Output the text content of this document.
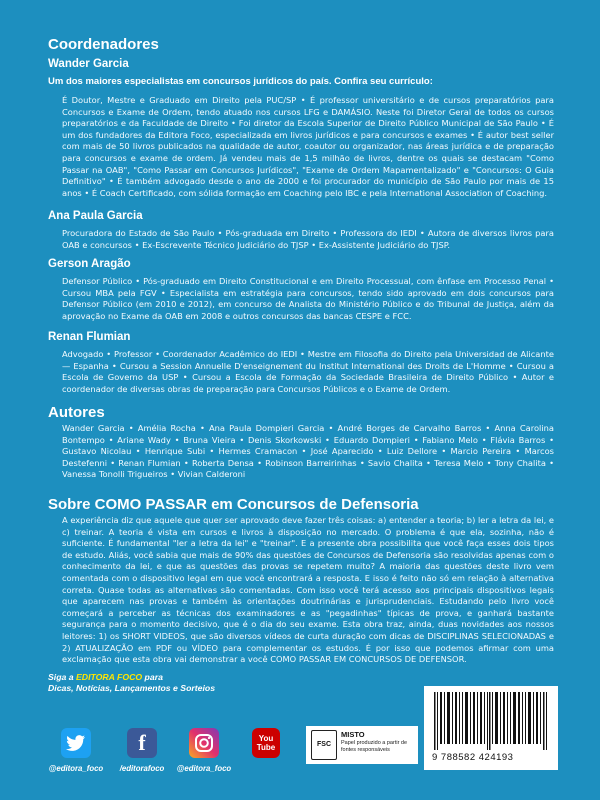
Coordenadores
Wander Garcia
Um dos maiores especialistas em concursos jurídicos do país. Confira seu currículo:
É Doutor, Mestre e Graduado em Direito pela PUC/SP • É professor universitário e de cursos preparatórios para Concursos e Exame de Ordem, tendo atuado nos cursos LFG e DAMÁSIO. Neste foi Diretor Geral de todos os cursos preparatórios e da Faculdade de Direito • Foi diretor da Escola Superior de Direito Público Municipal de São Paulo • É um dos fundadores da Editora Foco, especializada em livros jurídicos e para concursos e exames • É autor best seller com mais de 50 livros publicados na qualidade de autor, coautor ou organizador, nas áreas jurídica e de preparação para concursos e exame de ordem. Já vendeu mais de 1,5 milhão de livros, dentre os quais se destacam "Como Passar na OAB", "Como Passar em Concursos Jurídicos", "Exame de Ordem Mapamentalizado" e "Concursos: O Guia Definitivo" • É também advogado desde o ano de 2000 e foi procurador do município de São Paulo por mais de 15 anos • É Coach Certificado, com sólida formação em Coaching pelo IBC e pela International Association of Coaching.
Ana Paula Garcia
Procuradora do Estado de São Paulo • Pós-graduada em Direito • Professora do IEDI • Autora de diversos livros para OAB e concursos • Ex-Escrevente Técnico Judiciário do TJSP • Ex-Assistente Judiciário do TJSP.
Gerson Aragão
Defensor Público • Pós-graduado em Direito Constitucional e em Direito Processual, com ênfase em Processo Penal • Cursou MBA pela FGV • Especialista em estratégia para concursos, tendo sido aprovado em dois concursos para Defensor Público (em 2010 e 2012), em concurso de Analista do Ministério Público e do Tribunal de Justiça, além da aprovação no Exame da OAB em 2008 e outros concursos das bancas CESPE e FCC.
Renan Flumian
Advogado • Professor • Coordenador Acadêmico do IEDI • Mestre em Filosofia do Direito pela Universidad de Alicante — Espanha • Cursou a Session Annuelle D'enseignement du Institut International des Droits de L'Homme • Cursou a Escola de Governo da USP • Cursou a Escola de Formação da Sociedade Brasileira de Direito Público • Autor e coordenador de diversas obras de preparação para Concursos Públicos e o Exame de Ordem.
Autores
Wander Garcia • Amélia Rocha • Ana Paula Dompieri Garcia • André Borges de Carvalho Barros • Anna Carolina Bontempo • Ariane Wady • Bruna Vieira • Denis Skorkowski • Eduardo Dompieri • Fabiano Melo • Flávia Barros • Gustavo Nicolau • Henrique Subi • Hermes Cramacon • José Aparecido • Luiz Dellore • Marcio Pereira • Marcos Destefenni • Renan Flumian • Roberta Densa • Robinson Barreirinhas • Savio Chalita • Teresa Melo • Tony Chalita • Vanessa Tonolli Trigueiros • Vivian Calderoni
Sobre COMO PASSAR em Concursos de Defensoria
A experiência diz que aquele que quer ser aprovado deve fazer três coisas: a) entender a teoria; b) ler a letra da lei, e c) treinar. A teoria é vista em cursos e livros à disposição no mercado. O problema é que ela, sozinha, não é suficiente. É fundamental "ler a letra da lei" e "treinar". E a presente obra possibilita que você faça esses dois tipos de estudo. Aliás, você sabia que mais de 90% das questões de Concursos de Defensoria são resolvidas apenas com o conhecimento da lei, e que as questões das provas se repetem muito? A maioria das questões deste livro vem comentada com o dispositivo legal em que você encontrará a resposta. E isso é feito não só em relação à alternativa correta. Quase todas as alternativas são comentadas. Com isso você terá acesso aos principais dispositivos legais que aparecem nas provas e também às orientações doutrinárias e jurisprudenciais. Estudando pelo livro você começará a perceber as técnicas dos examinadores e as "pegadinhas" típicas de prova, e ganhará bastante segurança para o momento decisivo, que é o dia do seu exame. Esta obra traz, ainda, duas novidades aos nossos leitores: 1) os SHORT VIDEOS, que são diversos vídeos de curta duração com dicas de DISCIPLINAS SELECIONADAS e 2) ATUALIZAÇÃO em PDF ou VÍDEO para complementar os estudos. É por isso que podemos afirmar com uma exclamação que esta obra vai demonstrar a você COMO PASSAR EM CONCURSOS DE DEFENSOR.
Siga a EDITORA FOCO para
Dicas, Notícias, Lançamentos e Sorteios
@editora_foco
f
/editorafoco	@editora_foco
You Tube	FSC
MISTO
Papel produzido a partir de fontes responsáveis
9 788582 424193
